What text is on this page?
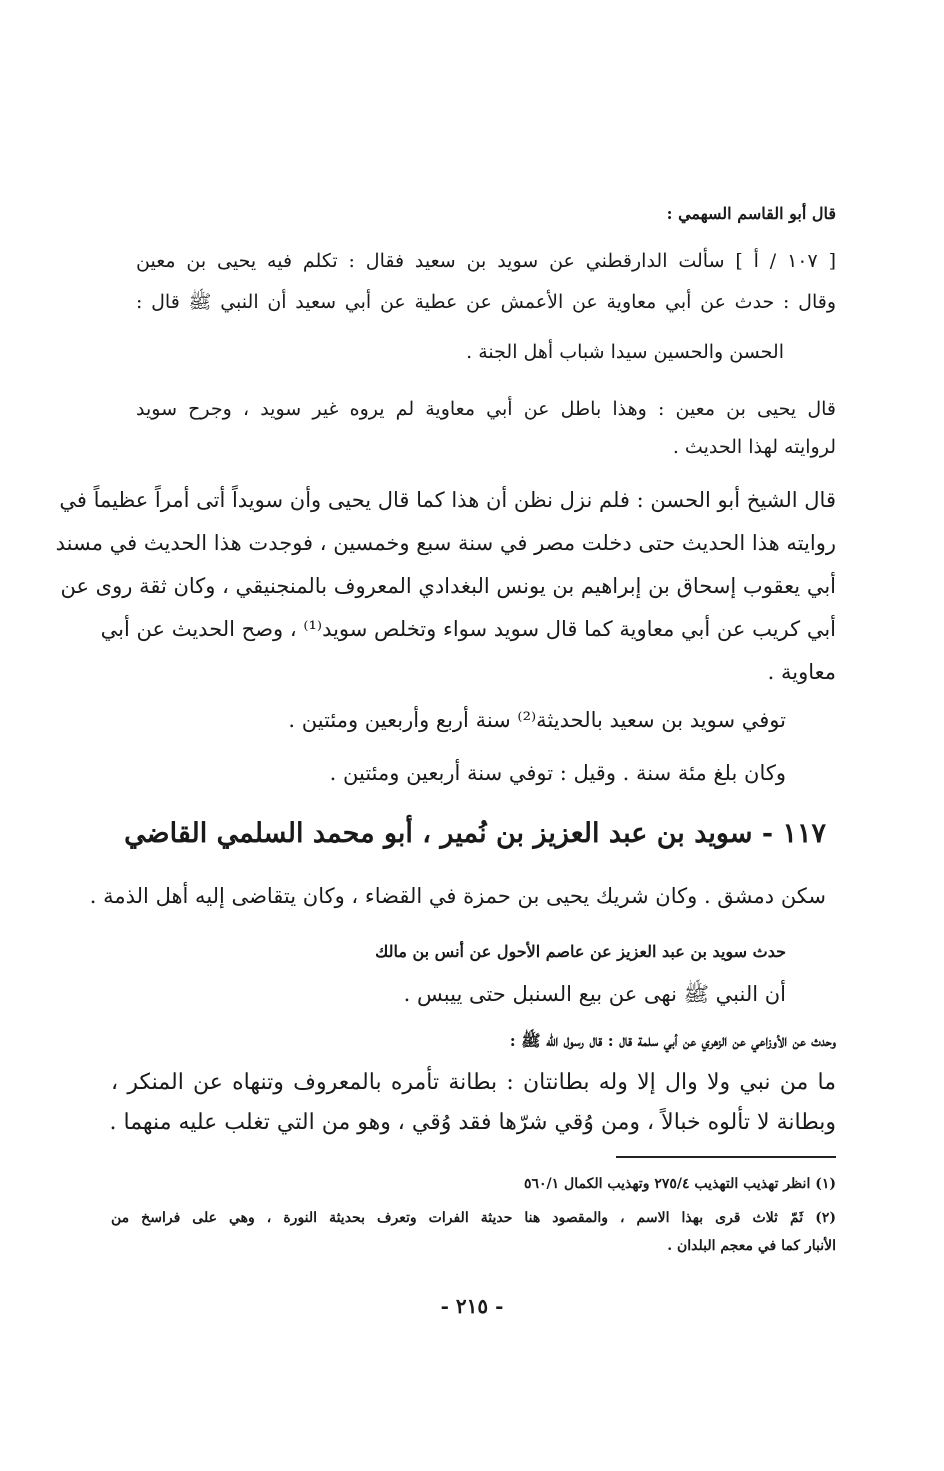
قال أبو القاسم السهمي :
[ ١٠٧ / أ ] سألت الدارقطني عن سويد بن سعيد فقال : تكلم فيه يحيى بن معين
وقال : حدث عن أبي معاوية عن الأعمش عن عطية عن أبي سعيد أن النبي ﷺ قال :
الحسن والحسين سيدا شباب أهل الجنة .
قال يحيى بن معين : وهذا باطل عن أبي معاوية لم يروه غير سويد ، وجرح سويد
لروايته لهذا الحديث .
قال الشيخ أبو الحسن : فلم نزل نظن أن هذا كما قال يحيى وأن سويداً أتى أمراً عظيماً في
روايته هذا الحديث حتى دخلت مصر في سنة سبع وخمسين ، فوجدت هذا الحديث في مسند
أبي يعقوب إسحاق بن إبراهيم بن يونس البغدادي المعروف بالمنجنيقي ، وكان ثقة روى عن
أبي كريب عن أبي معاوية كما قال سويد سواء وتخلص سويد⁽¹⁾ ، وصح الحديث عن أبي
معاوية .
توفي سويد بن سعيد بالحديثة⁽²⁾ سنة أربع وأربعين ومئتين .
وكان بلغ مئة سنة . وقيل : توفي سنة أربعين ومئتين .
١١٧ - سويد بن عبد العزيز بن نُمير ، أبو محمد السلمي القاضي
سكن دمشق . وكان شريك يحيى بن حمزة في القضاء ، وكان يتقاضى إليه أهل الذمة .
حدث سويد بن عبد العزيز عن عاصم الأحول عن أنس بن مالك
أن النبي ﷺ نهى عن بيع السنبل حتى ييبس .
وحدث عن الأوزاعي عن الزهري عن أبي سلمة قال : قال رسول الله ﷺ :
ما من نبي ولا وال إلا وله بطانتان : بطانة تأمره بالمعروف وتنهاه عن المنكر ،
وبطانة لا تألوه خبالاً ، ومن وُقي شرّها فقد وُقي ، وهو من التي تغلب عليه منهما .
(١) انظر تهذيب التهذيب ٢٧٥/٤ وتهذيب الكمال ٥٦٠/١
(٢) ثَمّ ثلاث قرى بهذا الاسم ، والمقصود هنا حديثة الفرات وتعرف بحديثة النورة ، وهي على فراسخ من
الأنبار كما في معجم البلدان .
- ٢١٥ -
